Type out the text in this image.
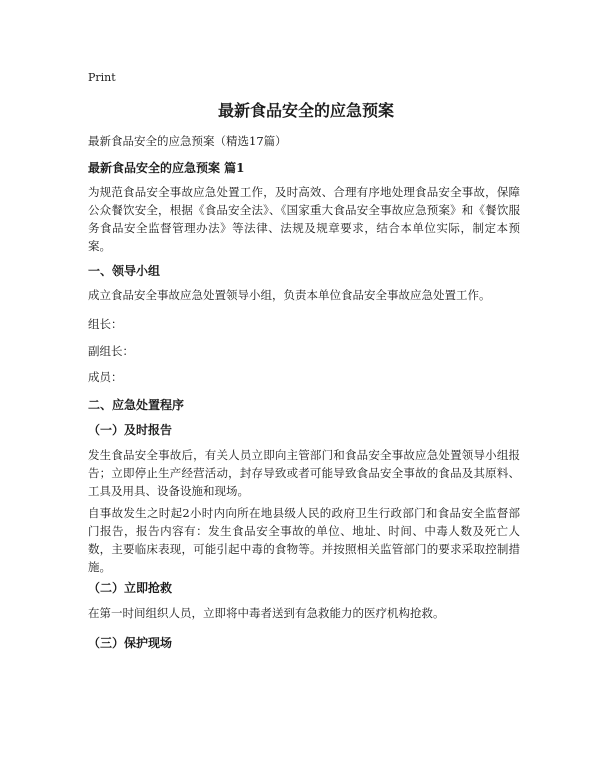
Print
最新食品安全的应急预案
最新食品安全的应急预案（精选17篇）
最新食品安全的应急预案 篇1
为规范食品安全事故应急处置工作，及时高效、合理有序地处理食品安全事故，保障公众餐饮安全，根据《食品安全法》、《国家重大食品安全事故应急预案》和《餐饮服务食品安全监督管理办法》等法律、法规及规章要求，结合本单位实际，制定本预案。
一、领导小组
成立食品安全事故应急处置领导小组，负责本单位食品安全事故应急处置工作。
组长：
副组长：
成员：
二、应急处置程序
（一）及时报告
发生食品安全事故后，有关人员立即向主管部门和食品安全事故应急处置领导小组报告；立即停止生产经营活动，封存导致或者可能导致食品安全事故的食品及其原料、工具及用具、设备设施和现场。
自事故发生之时起2小时内向所在地县级人民的政府卫生行政部门和食品安全监督部门报告，报告内容有：发生食品安全事故的单位、地址、时间、中毒人数及死亡人数，主要临床表现，可能引起中毒的食物等。并按照相关监管部门的要求采取控制措施。
（二）立即抢救
在第一时间组织人员，立即将中毒者送到有急救能力的医疗机构抢救。
（三）保护现场
